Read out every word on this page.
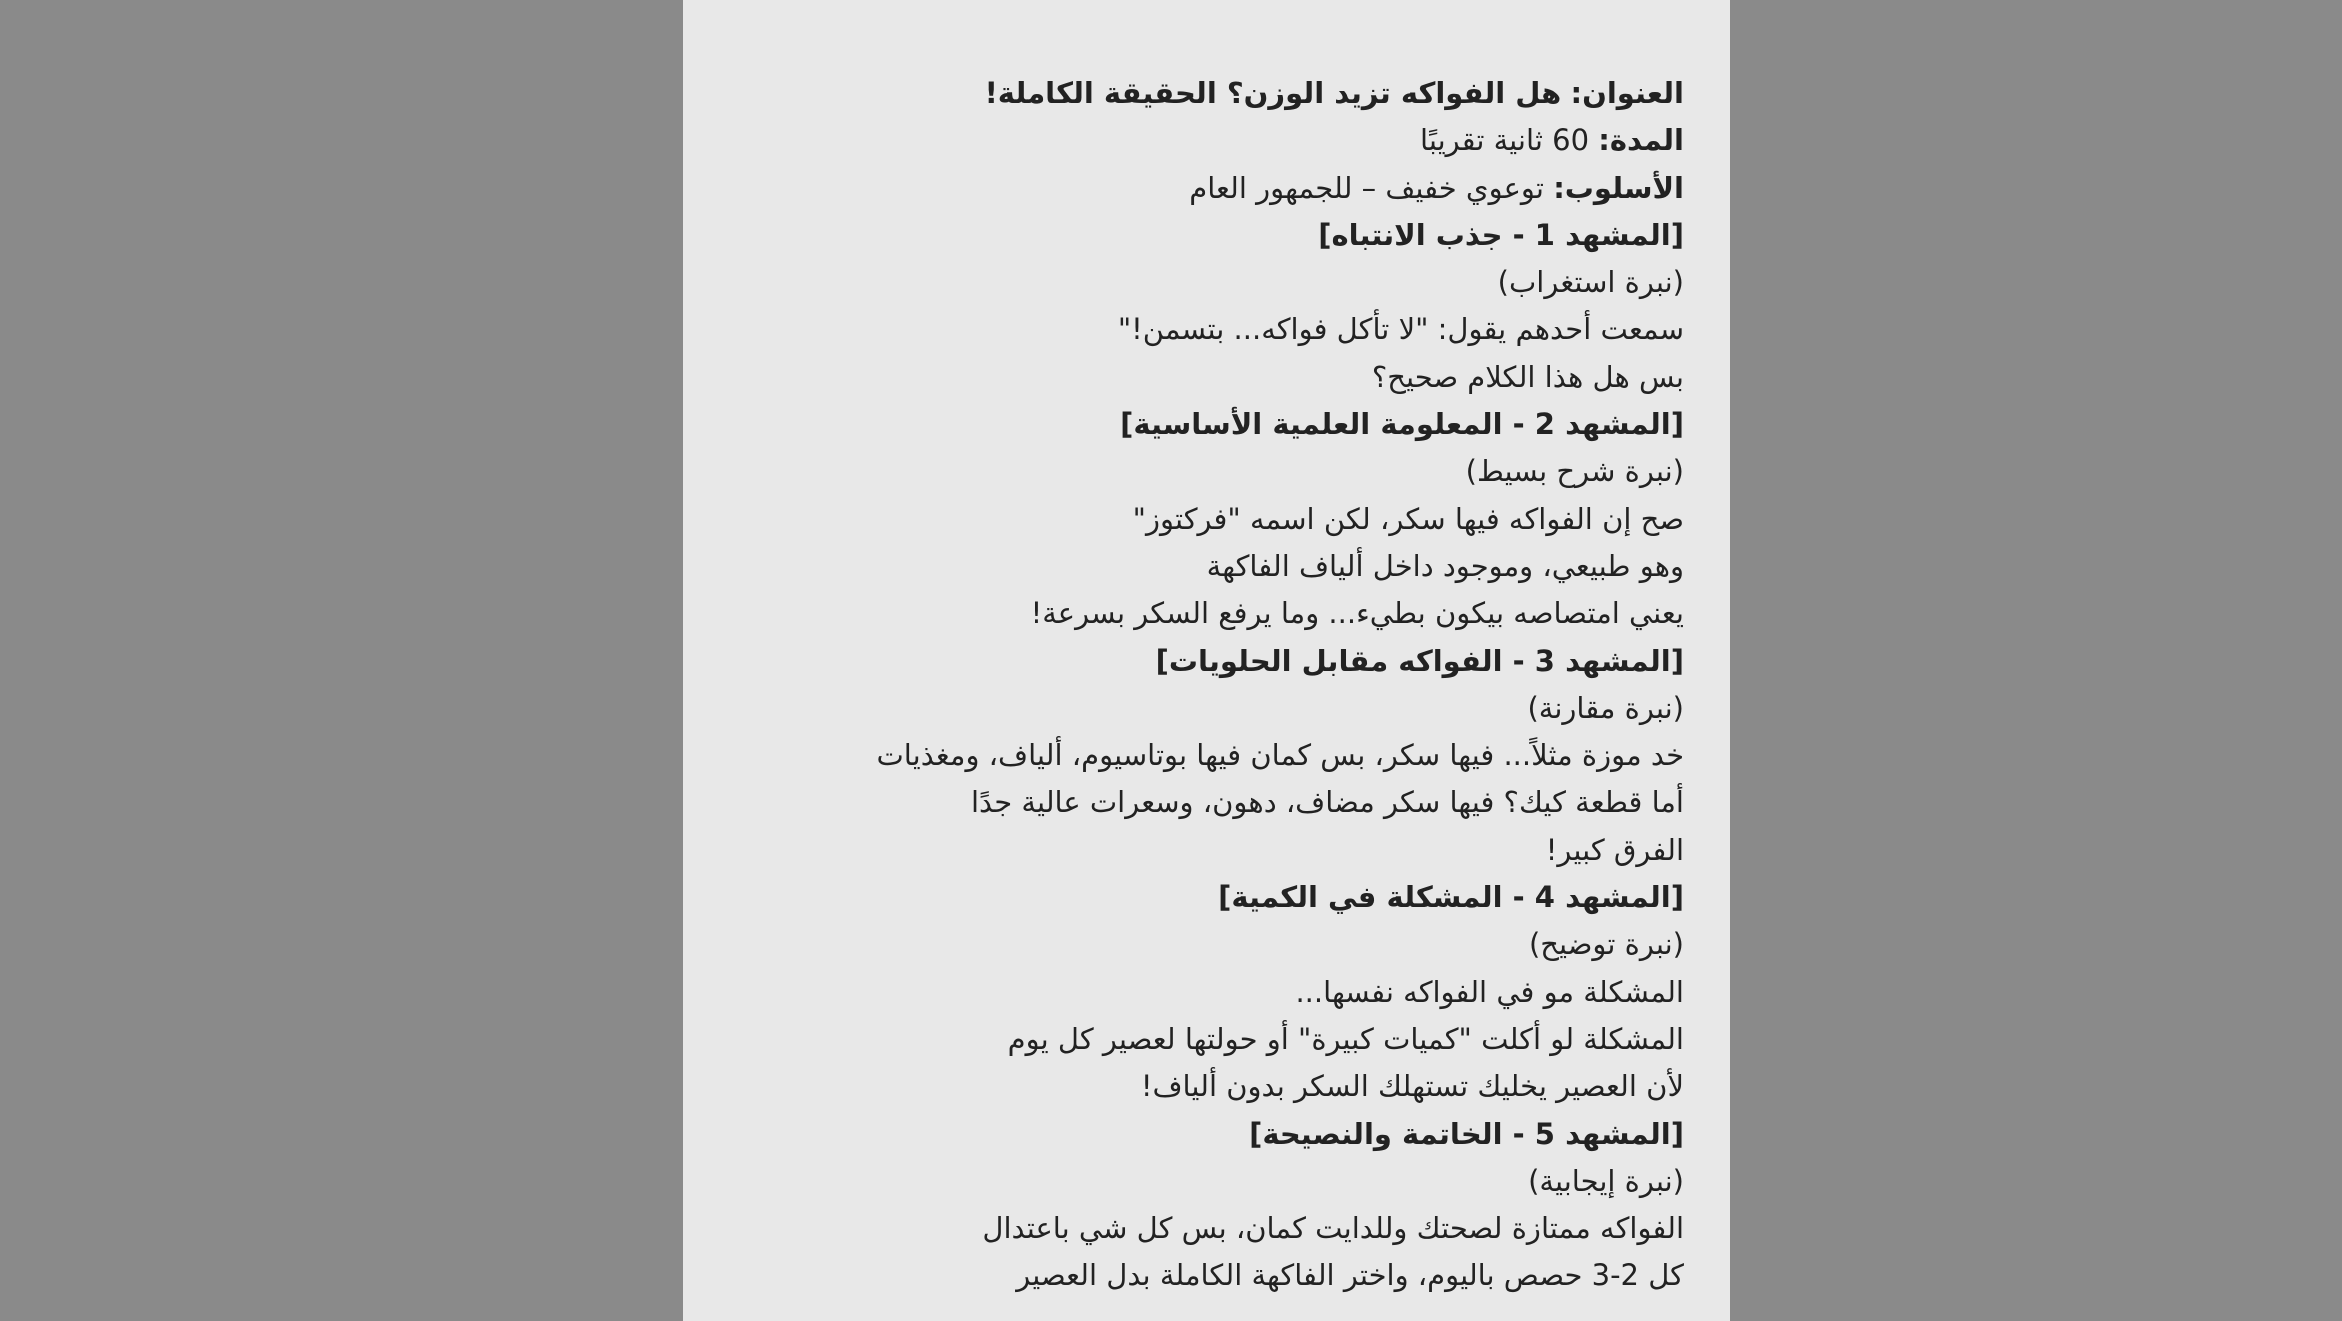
العنوان: هل الفواكه تزيد الوزن؟ الحقيقة الكاملة!
المدة: 60 ثانية تقريبًا
الأسلوب: توعوي خفيف – للجمهور العام
[المشهد 1 - جذب الانتباه]
(نبرة استغراب)
سمعت أحدهم يقول: "لا تأكل فواكه... بتسمن!"
بس هل هذا الكلام صحيح؟
[المشهد 2 - المعلومة العلمية الأساسية]
(نبرة شرح بسيط)
صح إن الفواكه فيها سكر، لكن اسمه "فركتوز"
وهو طبيعي، وموجود داخل ألياف الفاكهة
يعني امتصاصه بيكون بطيء... وما يرفع السكر بسرعة!
[المشهد 3 - الفواكه مقابل الحلويات]
(نبرة مقارنة)
خد موزة مثلاً... فيها سكر، بس كمان فيها بوتاسيوم، ألياف، ومغذيات
أما قطعة كيك؟ فيها سكر مضاف، دهون، وسعرات عالية جدًا
الفرق كبير!
[المشهد 4 - المشكلة في الكمية]
(نبرة توضيح)
المشكلة مو في الفواكه نفسها...
المشكلة لو أكلت "كميات كبيرة" أو حولتها لعصير كل يوم
لأن العصير يخليك تستهلك السكر بدون ألياف!
[المشهد 5 - الخاتمة والنصيحة]
(نبرة إيجابية)
الفواكه ممتازة لصحتك وللدايت كمان، بس كل شي باعتدال
كل 2-3 حصص باليوم، واختر الفاكهة الكاملة بدل العصير
